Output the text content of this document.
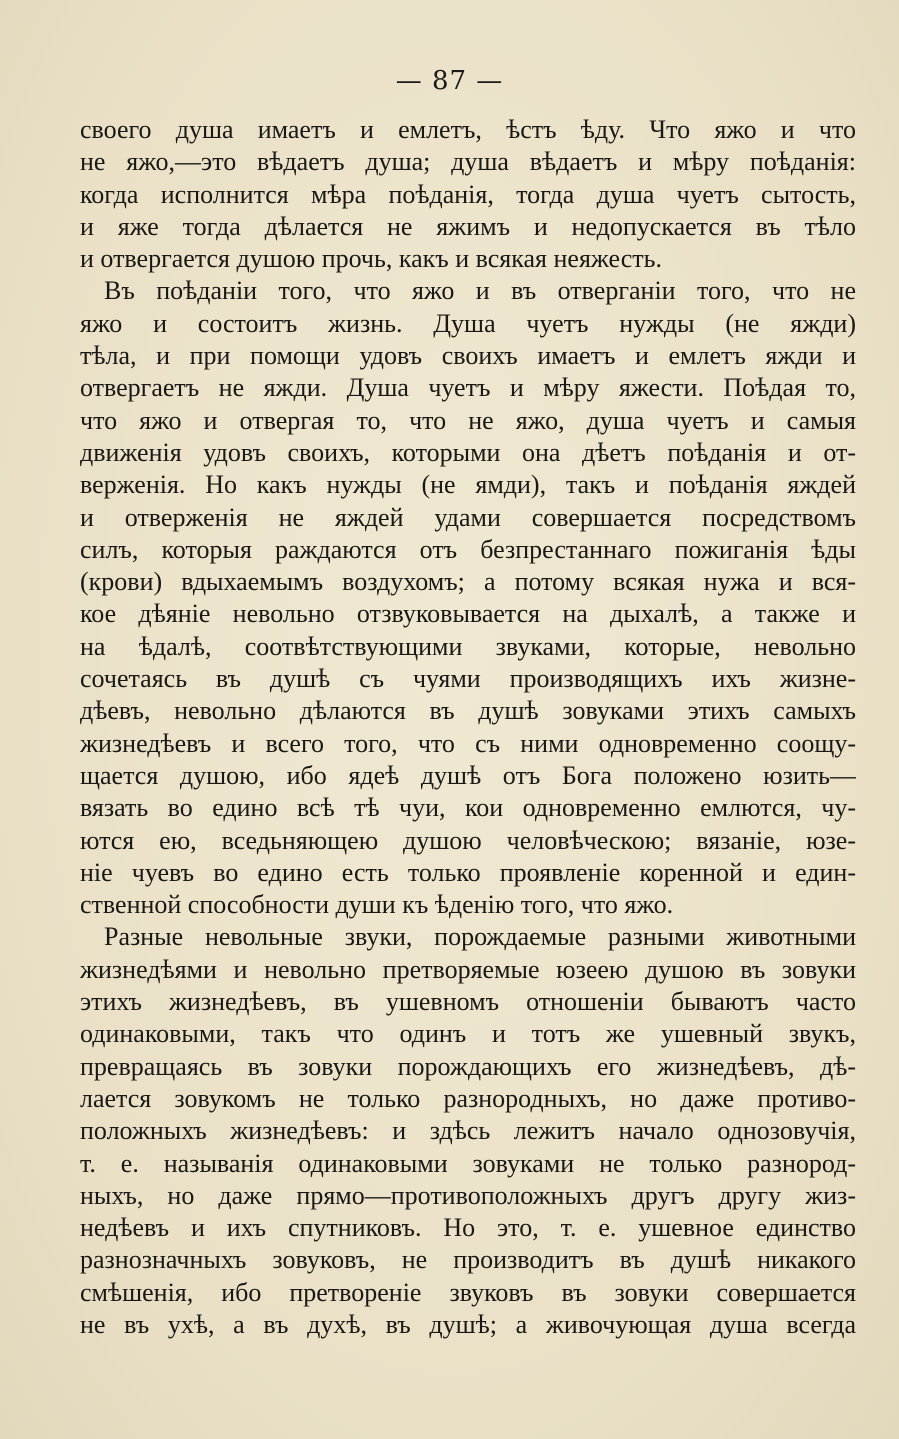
— 87 —
своего душа имаетъ и емлетъ, ѣстъ ѣду. Что яжо и что
не яжо,—это вѣдаетъ душа; душа вѣдаетъ и мѣру поѣданія:
когда исполнится мѣра поѣданія, тогда душа чуетъ сытость,
и яже тогда дѣлается не яжимъ и недопускается въ тѣло
и отвергается душою прочь, какъ и всякая неяжесть.
Въ поѣданіи того, что яжо и въ отверганіи того, что не
яжо и состоитъ жизнь. Душа чуетъ нужды (не яжди)
тѣла, и при помощи удовъ своихъ имаетъ и емлетъ яжди и
отвергаетъ не яжди. Душа чуетъ и мѣру яжести. Поѣдая то,
что яжо и отвергая то, что не яжо, душа чуетъ и самыя
движенія удовъ своихъ, которыми она дѣетъ поѣданія и от-
верженія. Но какъ нужды (не ямди), такъ и поѣданія яждей
и отверженія не яждей удами совершается посредствомъ
силъ, которыя раждаются отъ безпрестаннаго пожиганія ѣды
(крови) вдыхаемымъ воздухомъ; а потому всякая нужа и вся-
кое дѣяніе невольно отзвуковывается на дыхалѣ, а также и
на ѣдалѣ, соотвѣтствующими звуками, которые, невольно
сочетаясь въ душѣ съ чуями производящихъ ихъ жизне-
дѣевъ, невольно дѣлаются въ душѣ зовуками этихъ самыхъ
жизнедѣевъ и всего того, что съ ними одновременно соощу-
щается душою, ибо ядеѣ душѣ отъ Бога положено юзить—
вязать во едино всѣ тѣ чуи, кои одновременно емлются, чу-
ются ею, вседьняющею душою человѣческою; вязаніе, юзе-
ніе чуевъ во едино есть только проявленіе коренной и един-
ственной способности души къ ѣденію того, что яжо.
Разные невольные звуки, порождаемые разными животными
жизнедѣями и невольно претворяемые юзеею душою въ зовуки
этихъ жизнедѣевъ, въ ушевномъ отношеніи бываютъ часто
одинаковыми, такъ что одинъ и тотъ же ушевный звукъ,
превращаясь въ зовуки порождающихъ его жизнедѣевъ, дѣ-
лается зовукомъ не только разнородныхъ, но даже противо-
положныхъ жизнедѣевъ: и здѣсь лежитъ начало однозовучія,
т. е. называнія одинаковыми зовуками не только разнород-
ныхъ, но даже прямо—противоположныхъ другъ другу жиз-
недѣевъ и ихъ спутниковъ. Но это, т. е. ушевное единство
разнозначныхъ зовуковъ, не производитъ въ душѣ никакого
смѣшенія, ибо претвореніе звуковъ въ зовуки совершается
не въ ухѣ, а въ духѣ, въ душѣ; а живочующая душа всегда
